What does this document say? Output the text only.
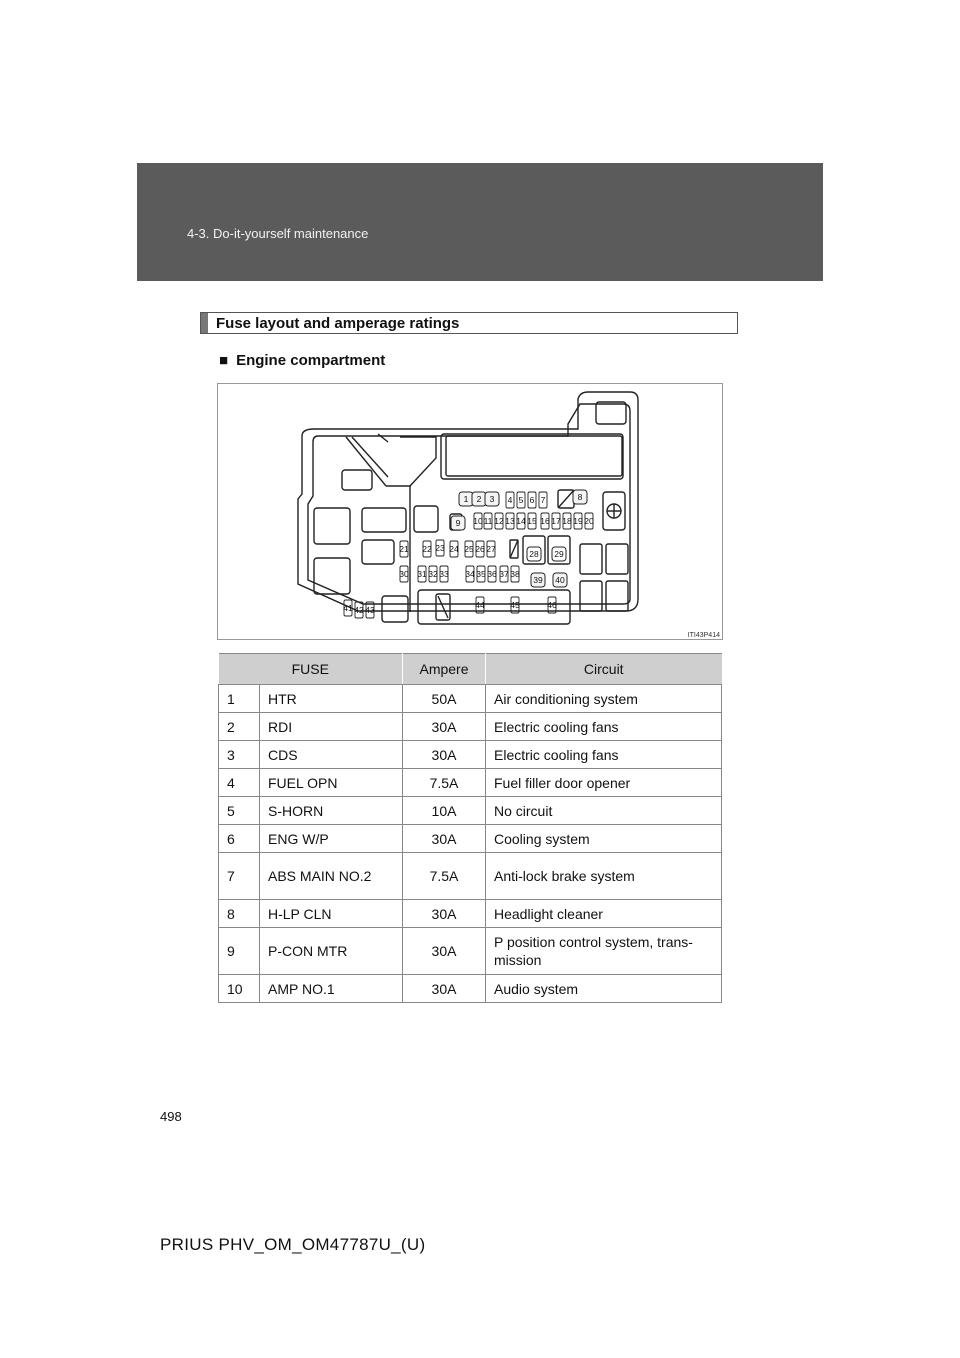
4-3. Do-it-yourself maintenance
Fuse layout and amperage ratings
■ Engine compartment
1 2 3 4 5 6 7	8
9 10 11 12 13 14 15 16 17 18 19 20
21 22 23 24 25 26 27	28 29
30 31 32 33 34 35 36 37 38
39 40
41 42 43	44	45	46
ITI43P414
FUSE		Ampere	Circuit
1	HTR	50A	Air conditioning system
2	RDI	30A	Electric cooling fans
3	CDS	30A	Electric cooling fans
4	FUEL OPN	7.5A	Fuel filler door opener
5	S-HORN	10A	No circuit
6	ENG W/P	30A	Cooling system
7	ABS MAIN NO.2	7.5A	Anti-lock brake system
8	H-LP CLN	30A	Headlight cleaner
9	P-CON MTR	30A	P position control system, trans-mission
10	AMP NO.1	30A	Audio system
498
PRIUS PHV_OM_OM47787U_(U)
